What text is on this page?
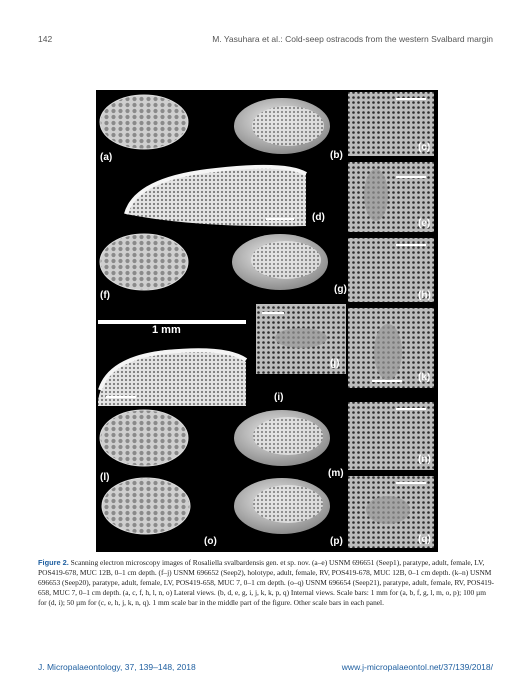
142	M. Yasuhara et al.: Cold-seep ostracods from the western Svalbard margin
1 mm
(a)	(b)
(c)
(d)
(e)
(f)
(g)
(h)
(i)
(j)
(k)
(l)	(m)
(n)
(o)	(p)	(q)
Figure 2. Scanning electron microscopy images of Rosaliella svalbardensis gen. et sp. nov. (a–e) USNM 696651 (Seep1), paratype, adult, female, LV, POS419-678, MUC 12B, 0–1 cm depth. (f–j) USNM 696652 (Seep2), holotype, adult, female, RV, POS419-678, MUC 12B, 0–1 cm depth. (k–n) USNM 696653 (Seep20), paratype, adult, female, LV, POS419-658, MUC 7, 0–1 cm depth. (o–q) USNM 696654 (Seep21), paratype, adult, female, RV, POS419-658, MUC 7, 0–1 cm depth. (a, c, f, h, l, n, o) Lateral views. (b, d, e, g, i, j, k, k, p, q) Internal views. Scale bars: 1 mm for (a, b, f, g, l, m, o, p); 100 µm for (d, i); 50 µm for (c, e, h, j, k, n, q). 1 mm scale bar in the middle part of the figure. Other scale bars in each panel.
J. Micropalaeontology, 37, 139–148, 2018	www.j-micropalaeontol.net/37/139/2018/
